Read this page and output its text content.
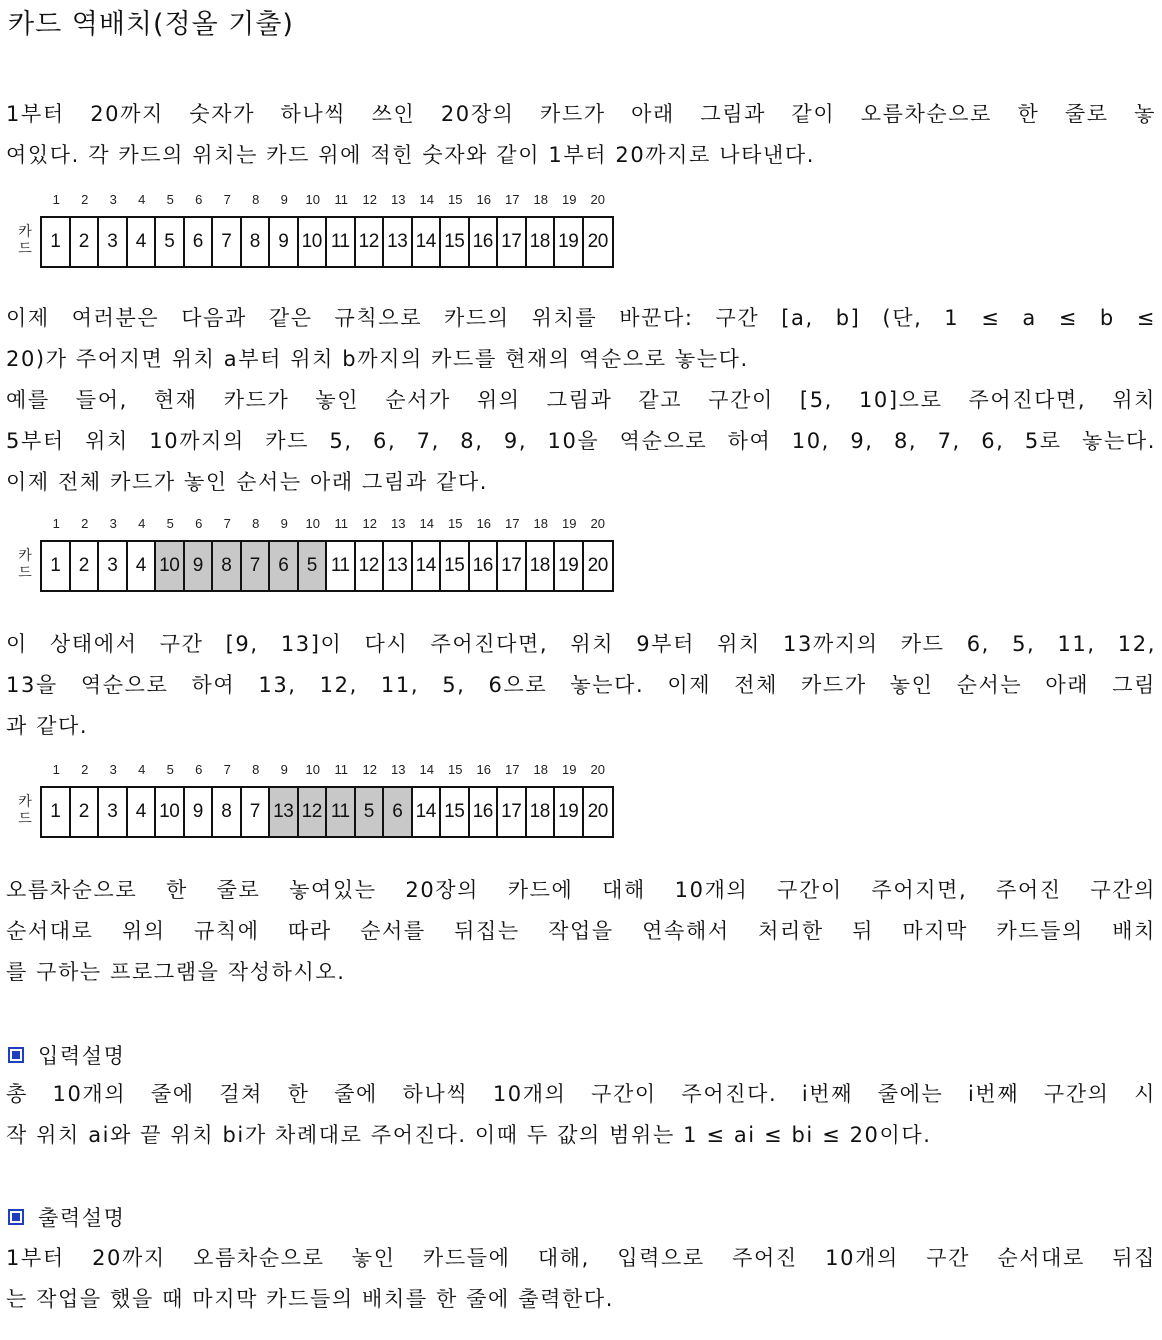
카드 역배치(정올 기출)
1부터 20까지 숫자가 하나씩 쓰인 20장의 카드가 아래 그림과 같이 오름차순으로 한 줄로 놓
여있다. 각 카드의 위치는 카드 위에 적힌 숫자와 같이 1부터 20까지로 나타낸다.
1	2	3	4	5	6	7	8	9	10	11	12	13	14	15	16	17	18	19	20
카
드 1 2 3 4 5 6 7 8 9 10 11 12 13 14 15 16 17 18 19 20
이제 여러분은 다음과 같은 규칙으로 카드의 위치를 바꾼다: 구간 [a, b] (단, 1 ≤ a ≤ b ≤
20)가 주어지면 위치 a부터 위치 b까지의 카드를 현재의 역순으로 놓는다.
예를 들어, 현재 카드가 놓인 순서가 위의 그림과 같고 구간이 [5, 10]으로 주어진다면, 위치
5부터 위치 10까지의 카드 5, 6, 7, 8, 9, 10을 역순으로 하여 10, 9, 8, 7, 6, 5로 놓는다.
이제 전체 카드가 놓인 순서는 아래 그림과 같다.
1	2	3	4	5	6	7	8	9	10	11	12	13	14	15	16	17	18	19	20
카
드 1 2 3 4 10 9 8 7 6 5 11 12 13 14 15 16 17 18 19 20
이 상태에서 구간 [9, 13]이 다시 주어진다면, 위치 9부터 위치 13까지의 카드 6, 5, 11, 12,
13을 역순으로 하여 13, 12, 11, 5, 6으로 놓는다. 이제 전체 카드가 놓인 순서는 아래 그림
과 같다.
1	2	3	4	5	6	7	8	9	10	11	12	13	14	15	16	17	18	19	20
카
드 1 2 3 4 10 9 8 7 13 12 11 5 6 14 15 16 17 18 19 20
오름차순으로 한 줄로 놓여있는 20장의 카드에 대해 10개의 구간이 주어지면, 주어진 구간의
순서대로 위의 규칙에 따라 순서를 뒤집는 작업을 연속해서 처리한 뒤 마지막 카드들의 배치
를 구하는 프로그램을 작성하시오.
입력설명
총 10개의 줄에 걸쳐 한 줄에 하나씩 10개의 구간이 주어진다. i번째 줄에는 i번째 구간의 시
작 위치 ai와 끝 위치 bi가 차례대로 주어진다. 이때 두 값의 범위는 1 ≤ ai ≤ bi ≤ 20이다.
출력설명
1부터 20까지 오름차순으로 놓인 카드들에 대해, 입력으로 주어진 10개의 구간 순서대로 뒤집
는 작업을 했을 때 마지막 카드들의 배치를 한 줄에 출력한다.
